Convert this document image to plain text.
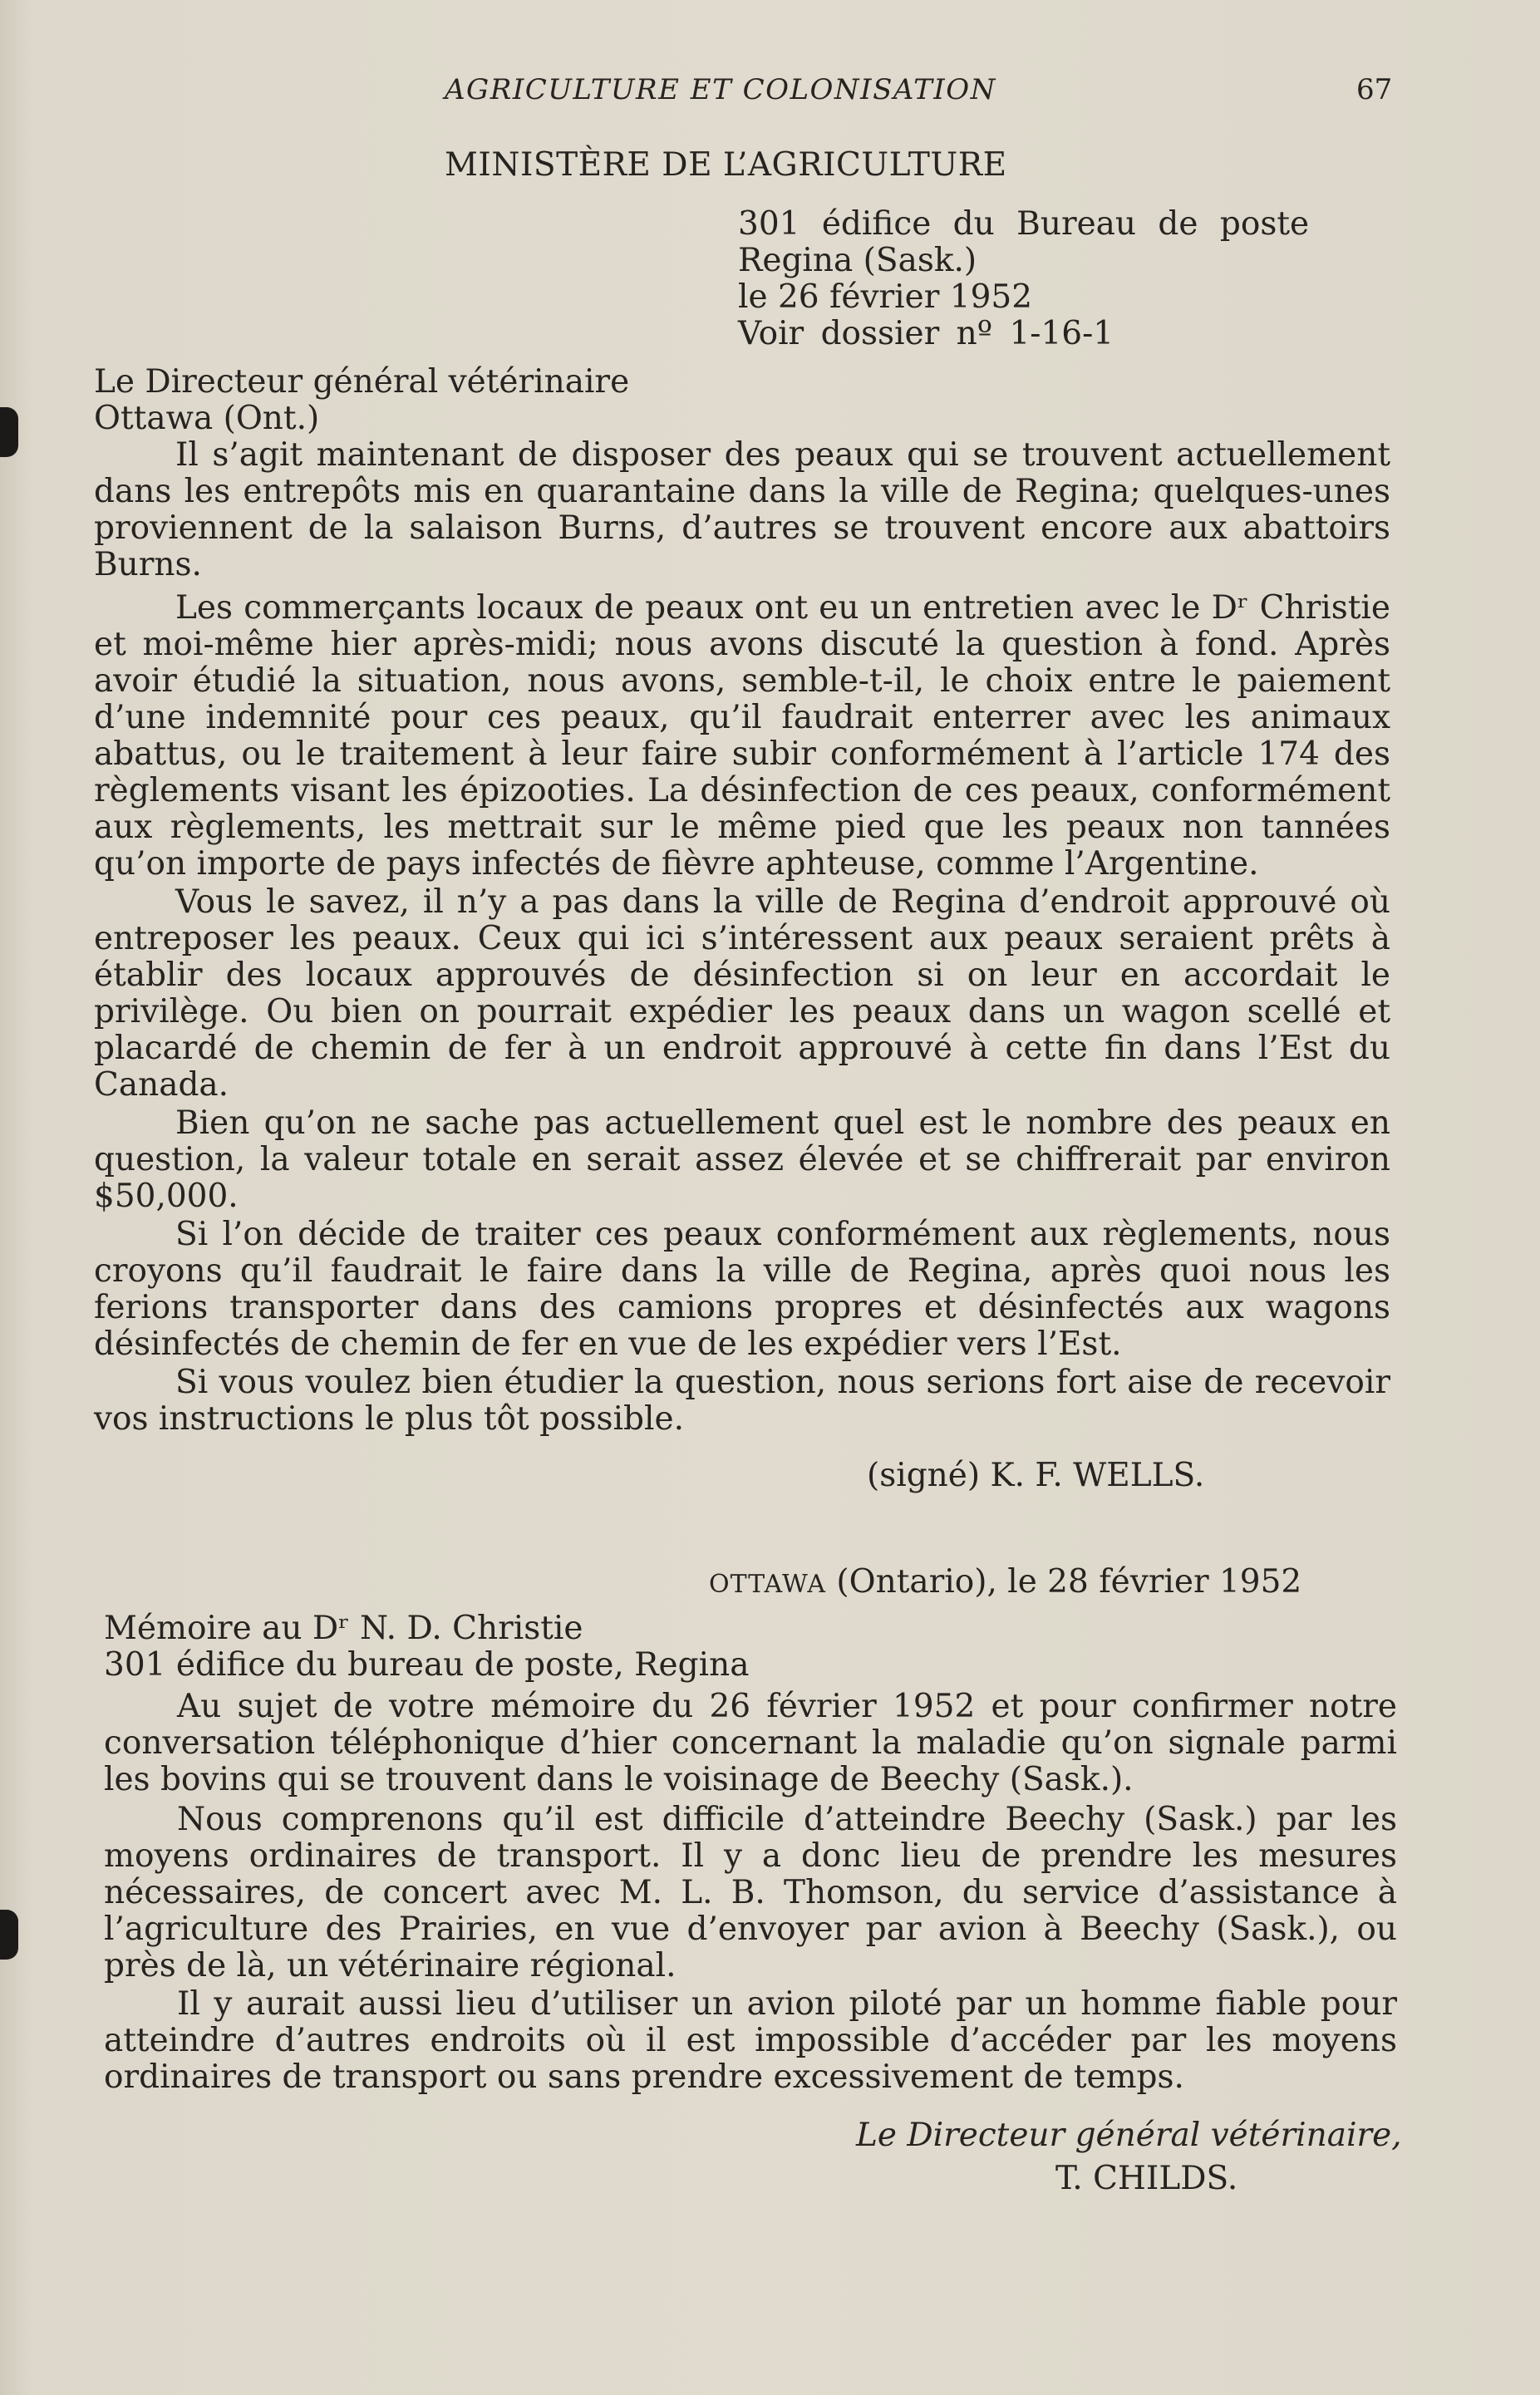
AGRICULTURE ET COLONISATION	67
MINISTÈRE DE L’AGRICULTURE
301 édifice du Bureau de poste
Regina (Sask.)
le 26 février 1952
Voir dossier nº 1-16-1
Le Directeur général vétérinaire
Ottawa (Ont.)
Il s’agit maintenant de disposer des peaux qui se trouvent actuellement dans les entrepôts mis en quarantaine dans la ville de Regina; quelques-unes proviennent de la salaison Burns, d’autres se trouvent encore aux abattoirs Burns.
Les commerçants locaux de peaux ont eu un entretien avec le Dʳ Christie et moi-même hier après-midi; nous avons discuté la question à fond. Après avoir étudié la situation, nous avons, semble-t-il, le choix entre le paiement d’une indemnité pour ces peaux, qu’il faudrait enterrer avec les animaux abattus, ou le traitement à leur faire subir conformément à l’article 174 des règlements visant les épizooties. La désinfection de ces peaux, conformément aux règlements, les mettrait sur le même pied que les peaux non tannées qu’on importe de pays infectés de fièvre aphteuse, comme l’Argentine.
Vous le savez, il n’y a pas dans la ville de Regina d’endroit approuvé où entreposer les peaux. Ceux qui ici s’intéressent aux peaux seraient prêts à établir des locaux approuvés de désinfection si on leur en accordait le privilège. Ou bien on pourrait expédier les peaux dans un wagon scellé et placardé de chemin de fer à un endroit approuvé à cette fin dans l’Est du Canada.
Bien qu’on ne sache pas actuellement quel est le nombre des peaux en question, la valeur totale en serait assez élevée et se chiffrerait par environ $50,000.
Si l’on décide de traiter ces peaux conformément aux règlements, nous croyons qu’il faudrait le faire dans la ville de Regina, après quoi nous les ferions transporter dans des camions propres et désinfectés aux wagons désinfectés de chemin de fer en vue de les expédier vers l’Est.
Si vous voulez bien étudier la question, nous serions fort aise de recevoir vos instructions le plus tôt possible.
(signé) K. F. WELLS.
OTTAWA (Ontario), le 28 février 1952
Mémoire au Dʳ N. D. Christie
301 édifice du bureau de poste, Regina
Au sujet de votre mémoire du 26 février 1952 et pour confirmer notre conversation téléphonique d’hier concernant la maladie qu’on signale parmi les bovins qui se trouvent dans le voisinage de Beechy (Sask.).
Nous comprenons qu’il est difficile d’atteindre Beechy (Sask.) par les moyens ordinaires de transport. Il y a donc lieu de prendre les mesures nécessaires, de concert avec M. L. B. Thomson, du service d’assistance à l’agriculture des Prairies, en vue d’envoyer par avion à Beechy (Sask.), ou près de là, un vétérinaire régional.
Il y aurait aussi lieu d’utiliser un avion piloté par un homme fiable pour atteindre d’autres endroits où il est impossible d’accéder par les moyens ordinaires de transport ou sans prendre excessivement de temps.
Le Directeur général vétérinaire,
T. CHILDS.
